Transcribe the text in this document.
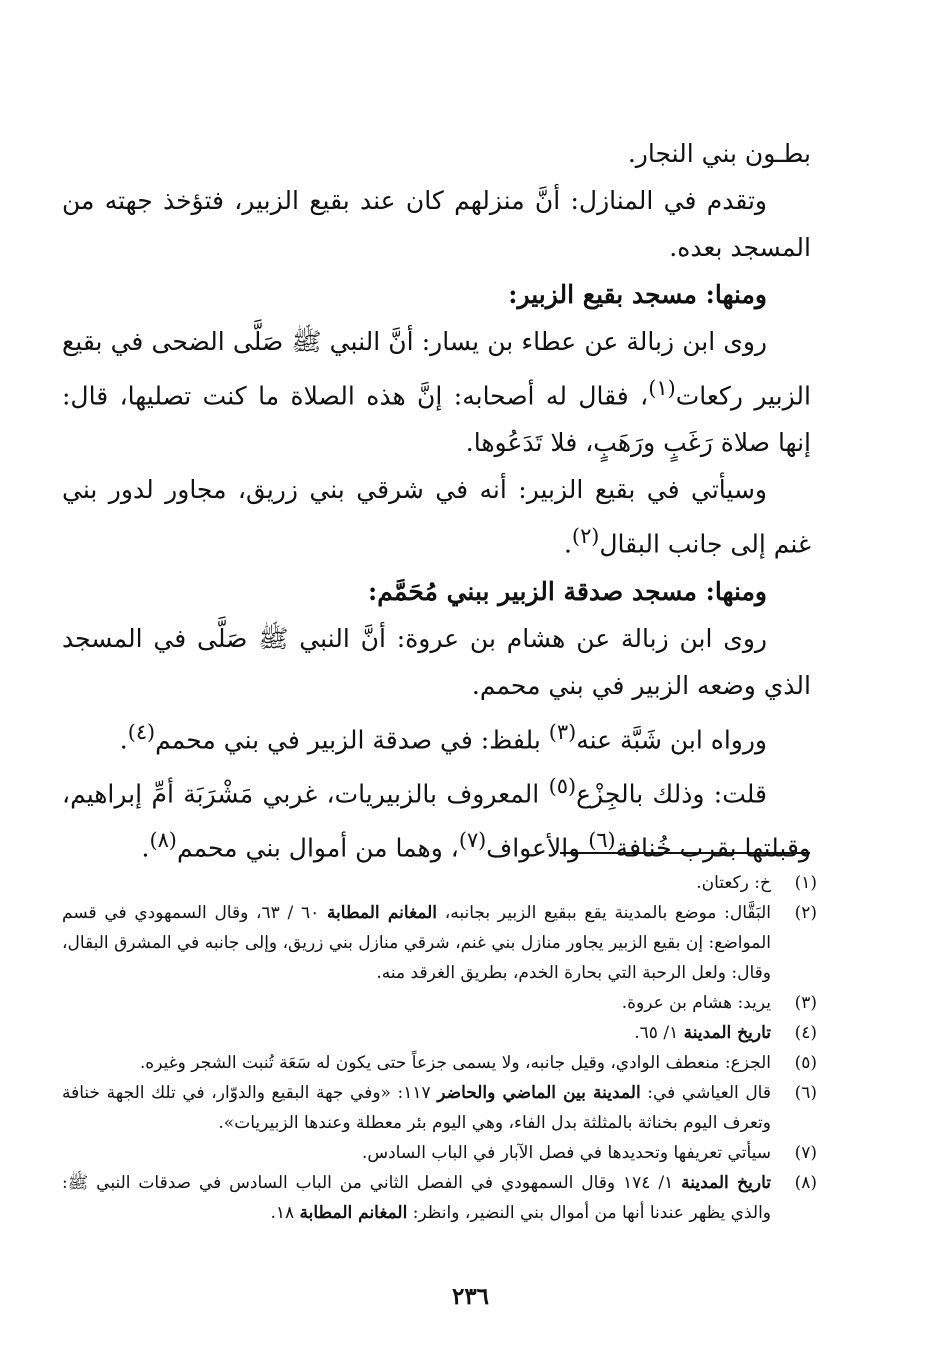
بطـون بني النجار.

وتقدم في المنازل: أنَّ منزلهم كان عند بقيع الزبير، فتؤخذ جهته من المسجد بعده.

ومنها: مسجد بقيع الزبير:

روى ابن زبالة عن عطاء بن يسار: أنَّ النبي ﷺ صَلَّى الضحى في بقيع الزبير ركعات$^{(١)}$، فقال له أصحابه: إنَّ هذه الصلاة ما كنت تصليها، قال: إنها صلاة رَغَبٍ ورَهَبٍ، فلا تَدَعُوها.

وسيأتي في بقيع الزبير: أنه في شرقي بني زريق، مجاور لدور بني غنم إلى جانب البقال$^{(٢)}$.

ومنها: مسجد صدقة الزبير ببني مُحَمَّم:

روى ابن زبالة عن هشام بن عروة: أنَّ النبي ﷺ صَلَّى في المسجد الذي وضعه الزبير في بني محمم.

ورواه ابن شَبَّة عنه$^{(٣)}$ بلفظ: في صدقة الزبير في بني محمم$^{(٤)}$.

قلت: وذلك بالجِزْع$^{(٥)}$ المعروف بالزبيريات، غربي مَشْرَبَة أمِّ إبراهيم، وقبلتها بقرب خُنافة$^{(٦)}$ والأعواف$^{(٧)}$، وهما من أموال بني محمم$^{(٨)}$.

(١)
خ: ركعتان.
(٢)
البَقَّال: موضع بالمدينة يقع ببقيع الزبير بجانبه، المغانم المطابة ٦٠ / ٦٣، وقال السمهودي في قسم المواضع: إن بقيع الزبير يجاور منازل بني غنم، شرقي منازل بني زريق، وإلى جانبه في المشرق البقال، وقال: ولعل الرحبة التي بحارة الخدم، بطريق الغرقد منه.
(٣)
يريد: هشام بن عروة.
(٤)
تاريخ المدينة ١/ ٦٥.
(٥)
الجزع: منعطف الوادي، وقيل جانبه، ولا يسمى جزعاً حتى يكون له سَعَة تُنبت الشجر وغيره.
(٦)
قال العياشي في: المدينة بين الماضي والحاضر ١١٧: «وفي جهة البقيع والدوّار، في تلك الجهة خنافة وتعرف اليوم بخناثة بالمثلثة بدل الفاء، وهي اليوم بئر معطلة وعندها الزبيريات».
(٧)
سيأتي تعريفها وتحديدها في فصل الآبار في الباب السادس.
(٨)
تاريخ المدينة ١/ ١٧٤ وقال السمهودي في الفصل الثاني من الباب السادس في صدقات النبي ﷺ: والذي يظهر عندنا أنها من أموال بني النضير، وانظر: المغانم المطابة ١٨.
٢٣٦
